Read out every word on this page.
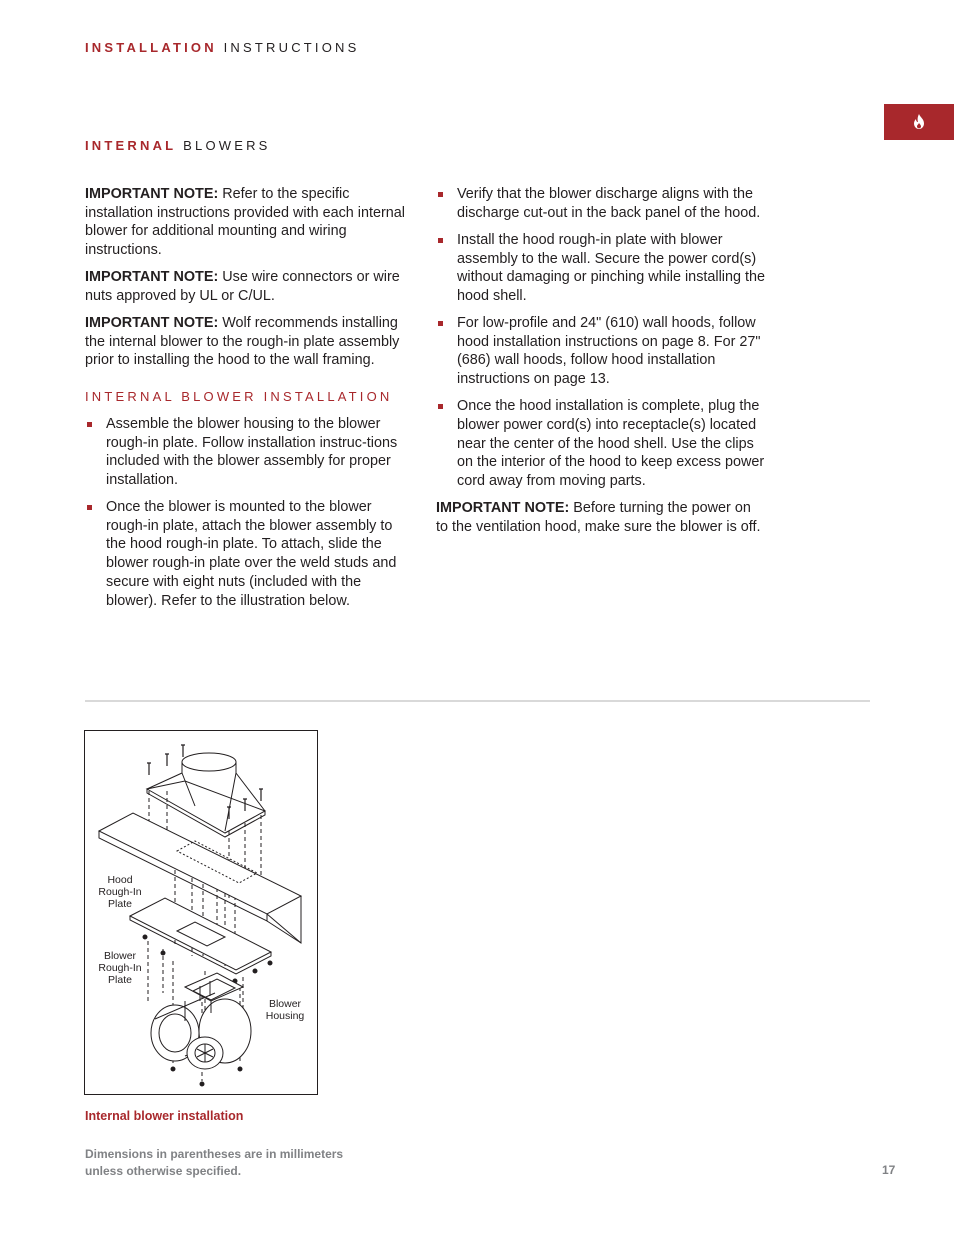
INSTALLATION INSTRUCTIONS
INTERNAL BLOWERS

IMPORTANT NOTE: Refer to the specific installation instructions provided with each internal blower for additional mounting and wiring instructions.

IMPORTANT NOTE: Use wire connectors or wire nuts approved by UL or C/UL.

IMPORTANT NOTE: Wolf recommends installing the internal blower to the rough-in plate assembly prior to installing the hood to the wall framing.

INTERNAL BLOWER INSTALLATION
Assemble the blower housing to the blower rough-in plate. Follow installation instruc-tions included with the blower assembly for proper installation.
Once the blower is mounted to the blower rough-in plate, attach the blower assembly to the hood rough-in plate. To attach, slide the blower rough-in plate over the weld studs and secure with eight nuts (included with the blower). Refer to the illustration below.
Verify that the blower discharge aligns with the discharge cut-out in the back panel of the hood.
Install the hood rough-in plate with blower assembly to the wall. Secure the power cord(s) without damaging or pinching while installing the hood shell.
For low-profile and 24" (610) wall hoods, follow hood installation instructions on page 8. For 27" (686) wall hoods, follow hood installation instructions on page 13.
Once the hood installation is complete, plug the blower power cord(s) into receptacle(s) located near the center of the hood shell. Use the clips on the interior of the hood to keep excess power cord away from moving parts.

IMPORTANT NOTE: Before turning the power on to the ventilation hood, make sure the blower is off.

Hood
Rough-In
Plate
Blower
Rough-In
Plate
Blower
Housing
Internal blower installation
Dimensions in parentheses are in millimeters unless otherwise specified.	17
